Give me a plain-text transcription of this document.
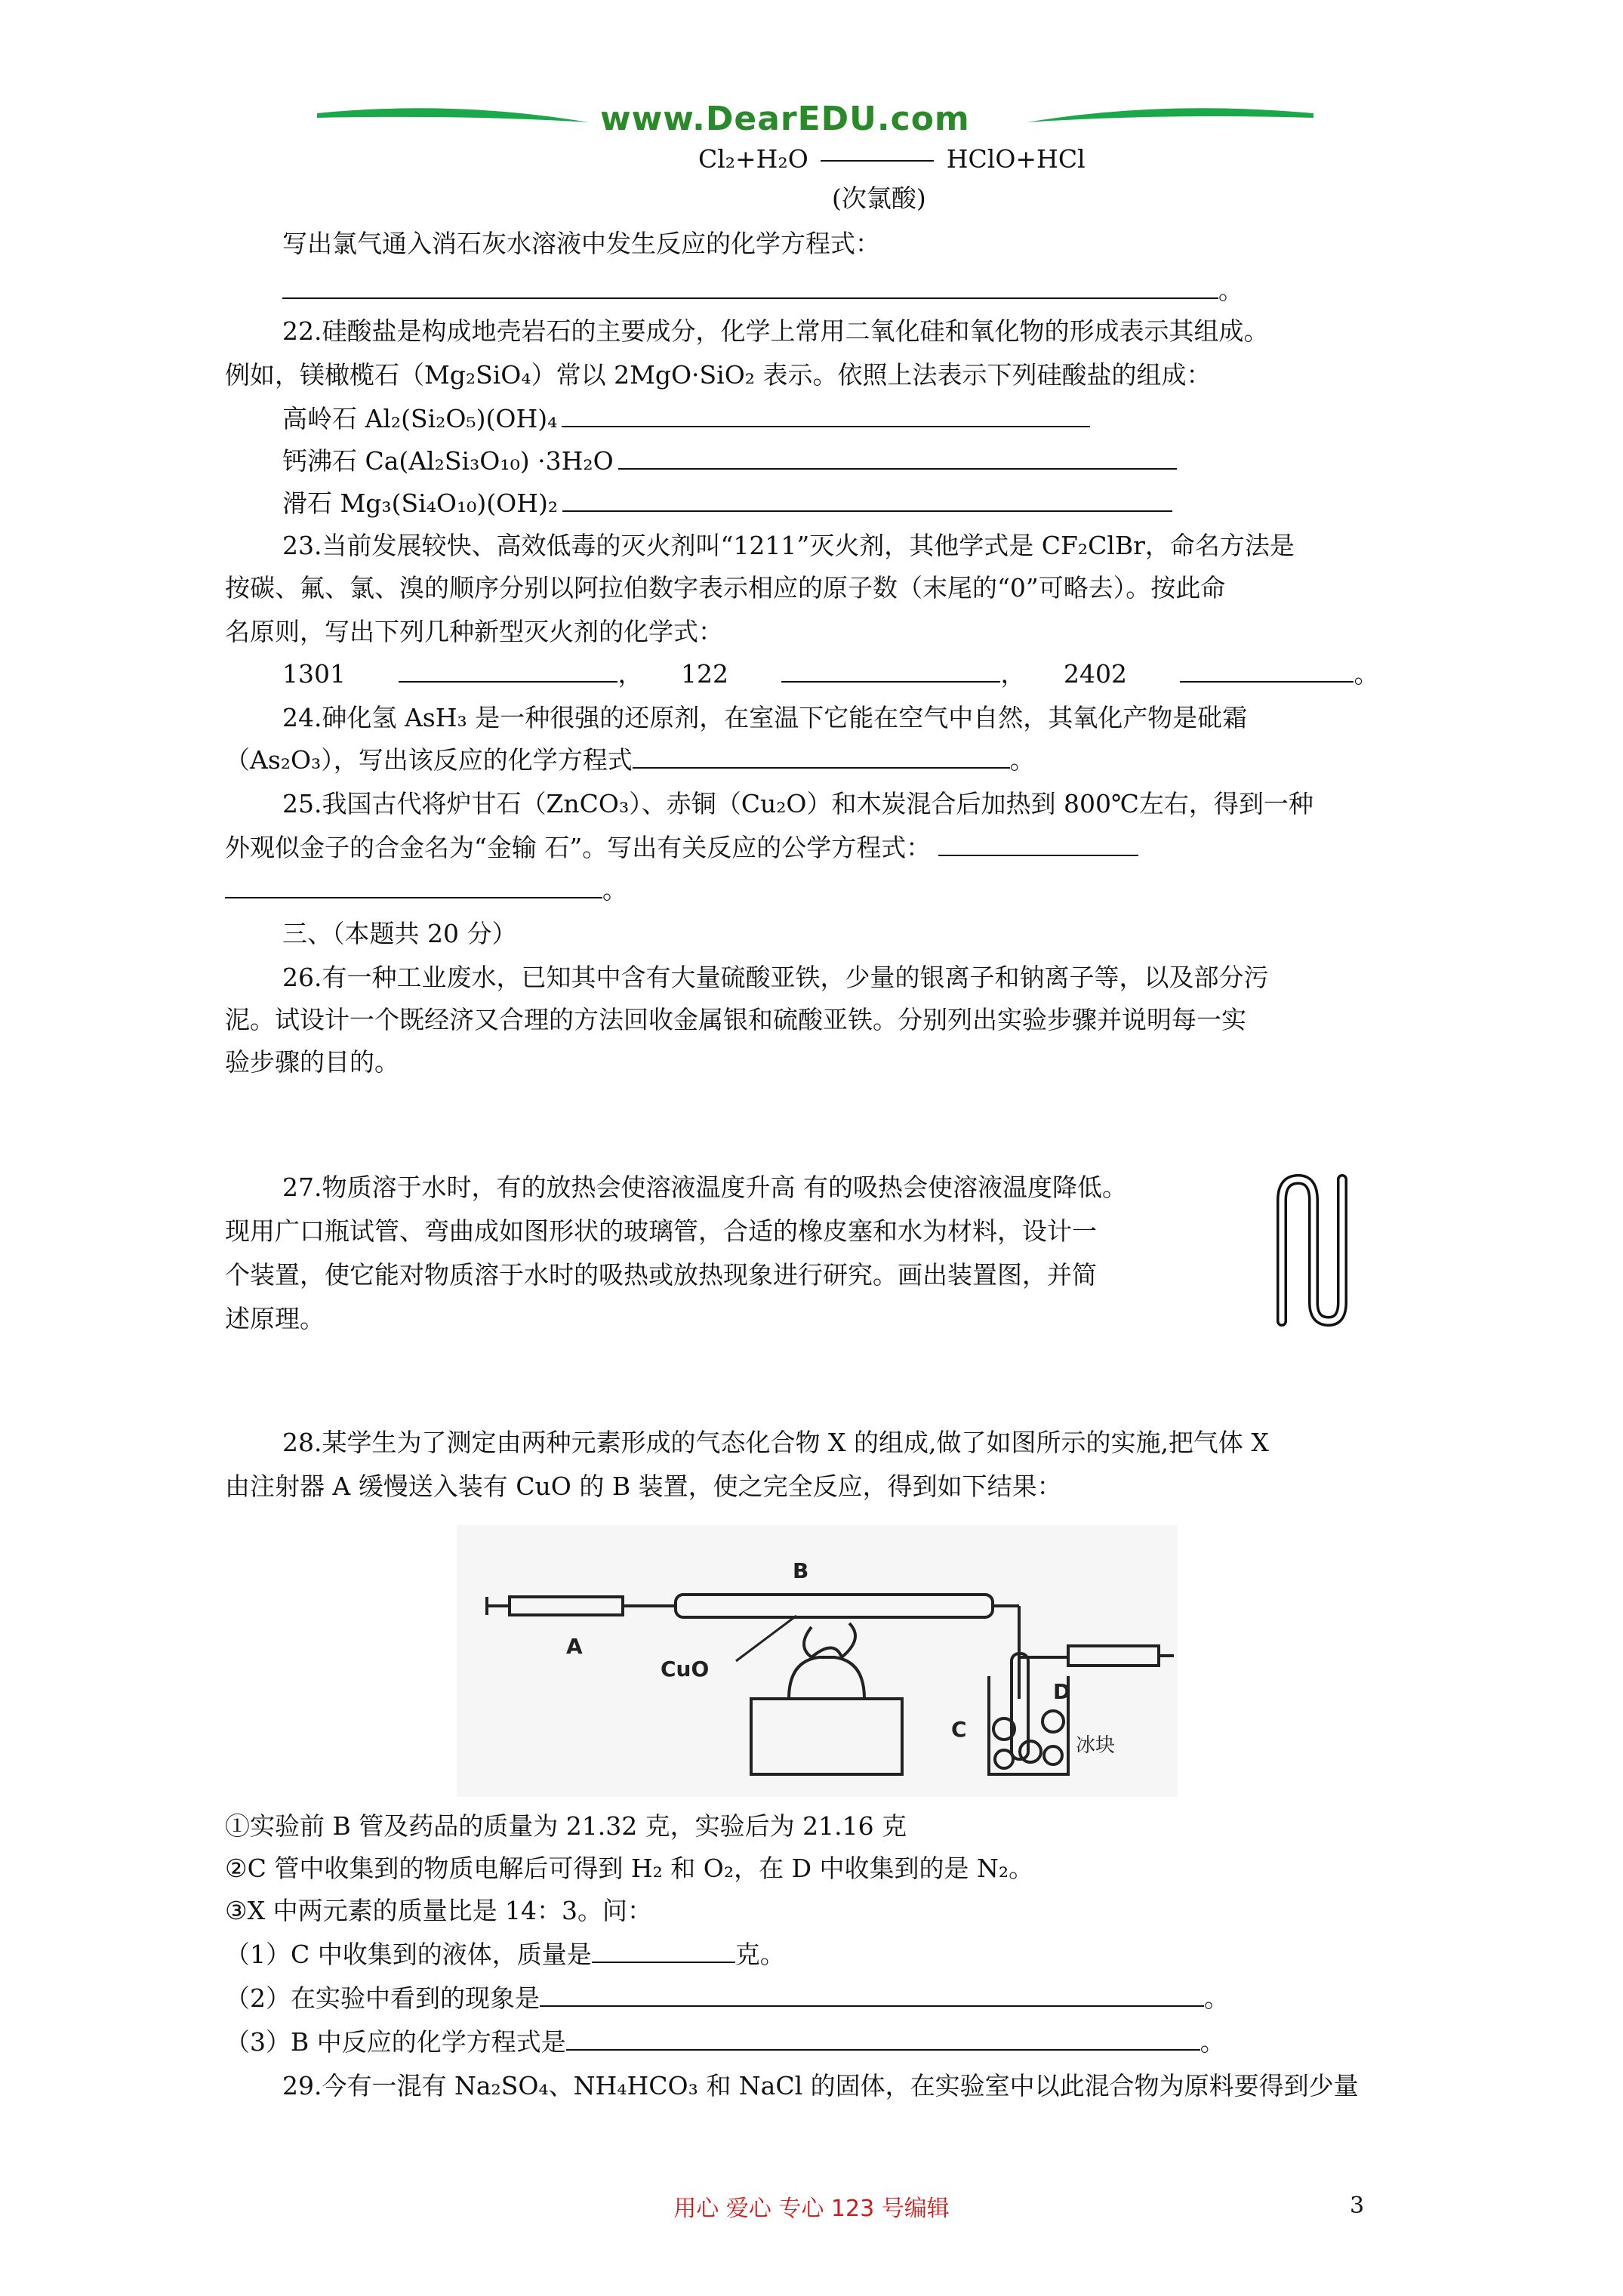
www.DearEDU.com
Cl₂+H₂O	HClO+HCl
(次氯酸)
写出氯气通入消石灰水溶液中发生反应的化学方程式：
。
22.硅酸盐是构成地壳岩石的主要成分，化学上常用二氧化硅和氧化物的形成表示其组成。
例如，镁橄榄石（Mg₂SiO₄）常以 2MgO·SiO₂ 表示。依照上法表示下列硅酸盐的组成：
高岭石 Al₂(Si₂O₅)(OH)₄
钙沸石 Ca(Al₂Si₃O₁₀) ·3H₂O
滑石 Mg₃(Si₄O₁₀)(OH)₂
23.当前发展较快、高效低毒的灭火剂叫“1211”灭火剂，其他学式是 CF₂ClBr，命名方法是
按碳、氟、氯、溴的顺序分别以阿拉伯数字表示相应的原子数（末尾的“0”可略去）。按此命
名原则，写出下列几种新型灭火剂的化学式：
1301	， 122	， 2402	。
24.砷化氢 AsH₃ 是一种很强的还原剂，在室温下它能在空气中自然，其氧化产物是砒霜
（As₂O₃），写出该反应的化学方程式	。
25.我国古代将炉甘石（ZnCO₃）、赤铜（Cu₂O）和木炭混合后加热到 800℃左右，得到一种
外观似金子的合金名为“金输 石”。写出有关反应的公学方程式：
。
三、（本题共 20 分）
26.有一种工业废水，已知其中含有大量硫酸亚铁，少量的银离子和钠离子等，以及部分污
泥。试设计一个既经济又合理的方法回收金属银和硫酸亚铁。分别列出实验步骤并说明每一实
验步骤的目的。
27.物质溶于水时，有的放热会使溶液温度升高 有的吸热会使溶液温度降低。
现用广口瓶试管、弯曲成如图形状的玻璃管，合适的橡皮塞和水为材料，设计一
个装置，使它能对物质溶于水时的吸热或放热现象进行研究。画出装置图，并简
述原理。
28.某学生为了测定由两种元素形成的气态化合物 X 的组成,做了如图所示的实施,把气体 X
由注射器 A 缓慢送入装有 CuO 的 B 装置，使之完全反应，得到如下结果：
A
B
CuO
C
冰块
D
①实验前 B 管及药品的质量为 21.32 克，实验后为 21.16 克
②C 管中收集到的物质电解后可得到 H₂ 和 O₂，在 D 中收集到的是 N₂。
③X 中两元素的质量比是 14：3。问：
（1）C 中收集到的液体，质量是	克。
（2）在实验中看到的现象是	。
（3）B 中反应的化学方程式是	。
29.今有一混有 Na₂SO₄、NH₄HCO₃ 和 NaCl 的固体，在实验室中以此混合物为原料要得到少量
用心 爱心 专心 123 号编辑	3
